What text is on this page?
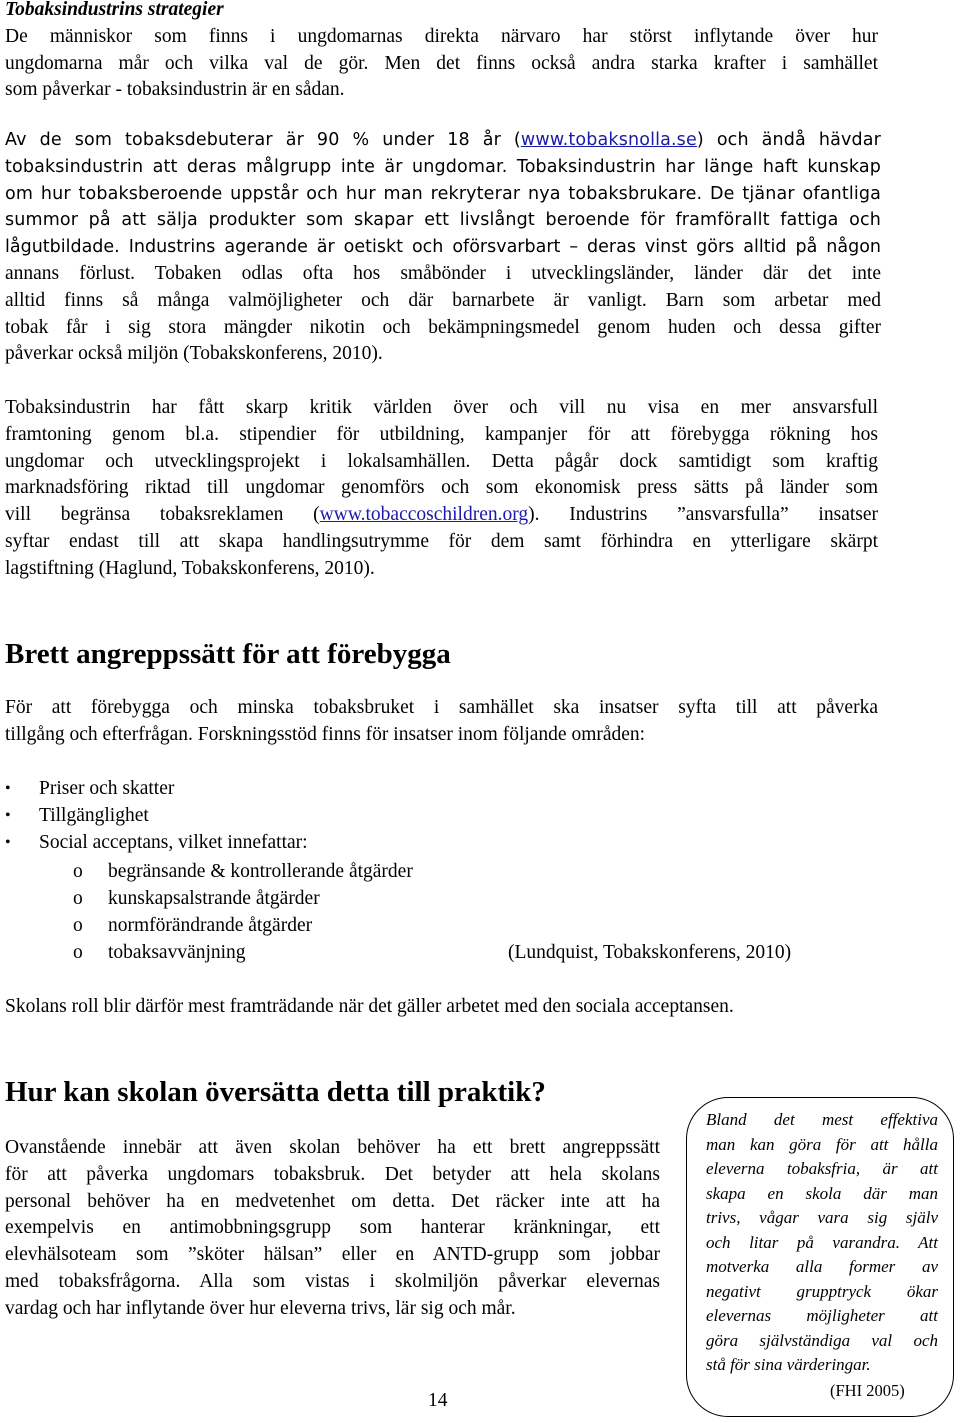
Tobaksindustrins strategier
De människor som finns i ungdomarnas direkta närvaro har störst inflytande över hur
ungdomarna mår och vilka val de gör. Men det finns också andra starka krafter i samhället
som påverkar - tobaksindustrin är en sådan.
Av de som tobaksdebuterar är 90 % under 18 år (www.tobaksnolla.se) och ändå hävdar
tobaksindustrin att deras målgrupp inte är ungdomar. Tobaksindustrin har länge haft kunskap
om hur tobaksberoende uppstår och hur man rekryterar nya tobaksbrukare. De tjänar ofantliga
summor på att sälja produkter som skapar ett livslångt beroende för framförallt fattiga och
lågutbildade. Industrins agerande är oetiskt och oförsvarbart – deras vinst görs alltid på någon
annans förlust. Tobaken odlas ofta hos småbönder i utvecklingsländer, länder där det inte
alltid finns så många valmöjligheter och där barnarbete är vanligt. Barn som arbetar med
tobak får i sig stora mängder nikotin och bekämpningsmedel genom huden och dessa gifter
påverkar också miljön (Tobakskonferens, 2010).
Tobaksindustrin har fått skarp kritik världen över och vill nu visa en mer ansvarsfull
framtoning genom bl.a. stipendier för utbildning, kampanjer för att förebygga rökning hos
ungdomar och utvecklingsprojekt i lokalsamhällen. Detta pågår dock samtidigt som kraftig
marknadsföring riktad till ungdomar genomförs och som ekonomisk press sätts på länder som
vill begränsa tobaksreklamen (www.tobaccoschildren.org). Industrins ”ansvarsfulla” insatser
syftar endast till att skapa handlingsutrymme för dem samt förhindra en ytterligare skärpt
lagstiftning (Haglund, Tobakskonferens, 2010).
Brett angreppssätt för att förebygga
För att förebygga och minska tobaksbruket i samhället ska insatser syfta till att påverka
tillgång och efterfrågan. Forskningsstöd finns för insatser inom följande områden:
• Priser och skatter
• Tillgänglighet
• Social acceptans, vilket innefattar:
o begränsande & kontrollerande åtgärder
o kunskapsalstrande åtgärder
o normförändrande åtgärder
o tobaksavvänjning	(Lundquist, Tobakskonferens, 2010)
Skolans roll blir därför mest framträdande när det gäller arbetet med den sociala acceptansen.
Hur kan skolan översätta detta till praktik?
Ovanstående innebär att även skolan behöver ha ett brett angreppssätt
för att påverka ungdomars tobaksbruk. Det betyder att hela skolans
personal behöver ha en medvetenhet om detta. Det räcker inte att ha
exempelvis en antimobbningsgrupp som hanterar kränkningar, ett
elevhälsoteam som ”sköter hälsan” eller en ANTD-grupp som jobbar
med tobaksfrågorna. Alla som vistas i skolmiljön påverkar elevernas
vardag och har inflytande över hur eleverna trivs, lär sig och mår.
Bland det mest effektiva
man kan göra för att hålla
eleverna tobaksfria, är att
skapa en skola där man
trivs, vågar vara sig själv
och litar på varandra. Att
motverka alla former av
negativt grupptryck ökar
elevernas möjligheter att
göra självständiga val och
stå för sina värderingar.
(FHI 2005)
14
